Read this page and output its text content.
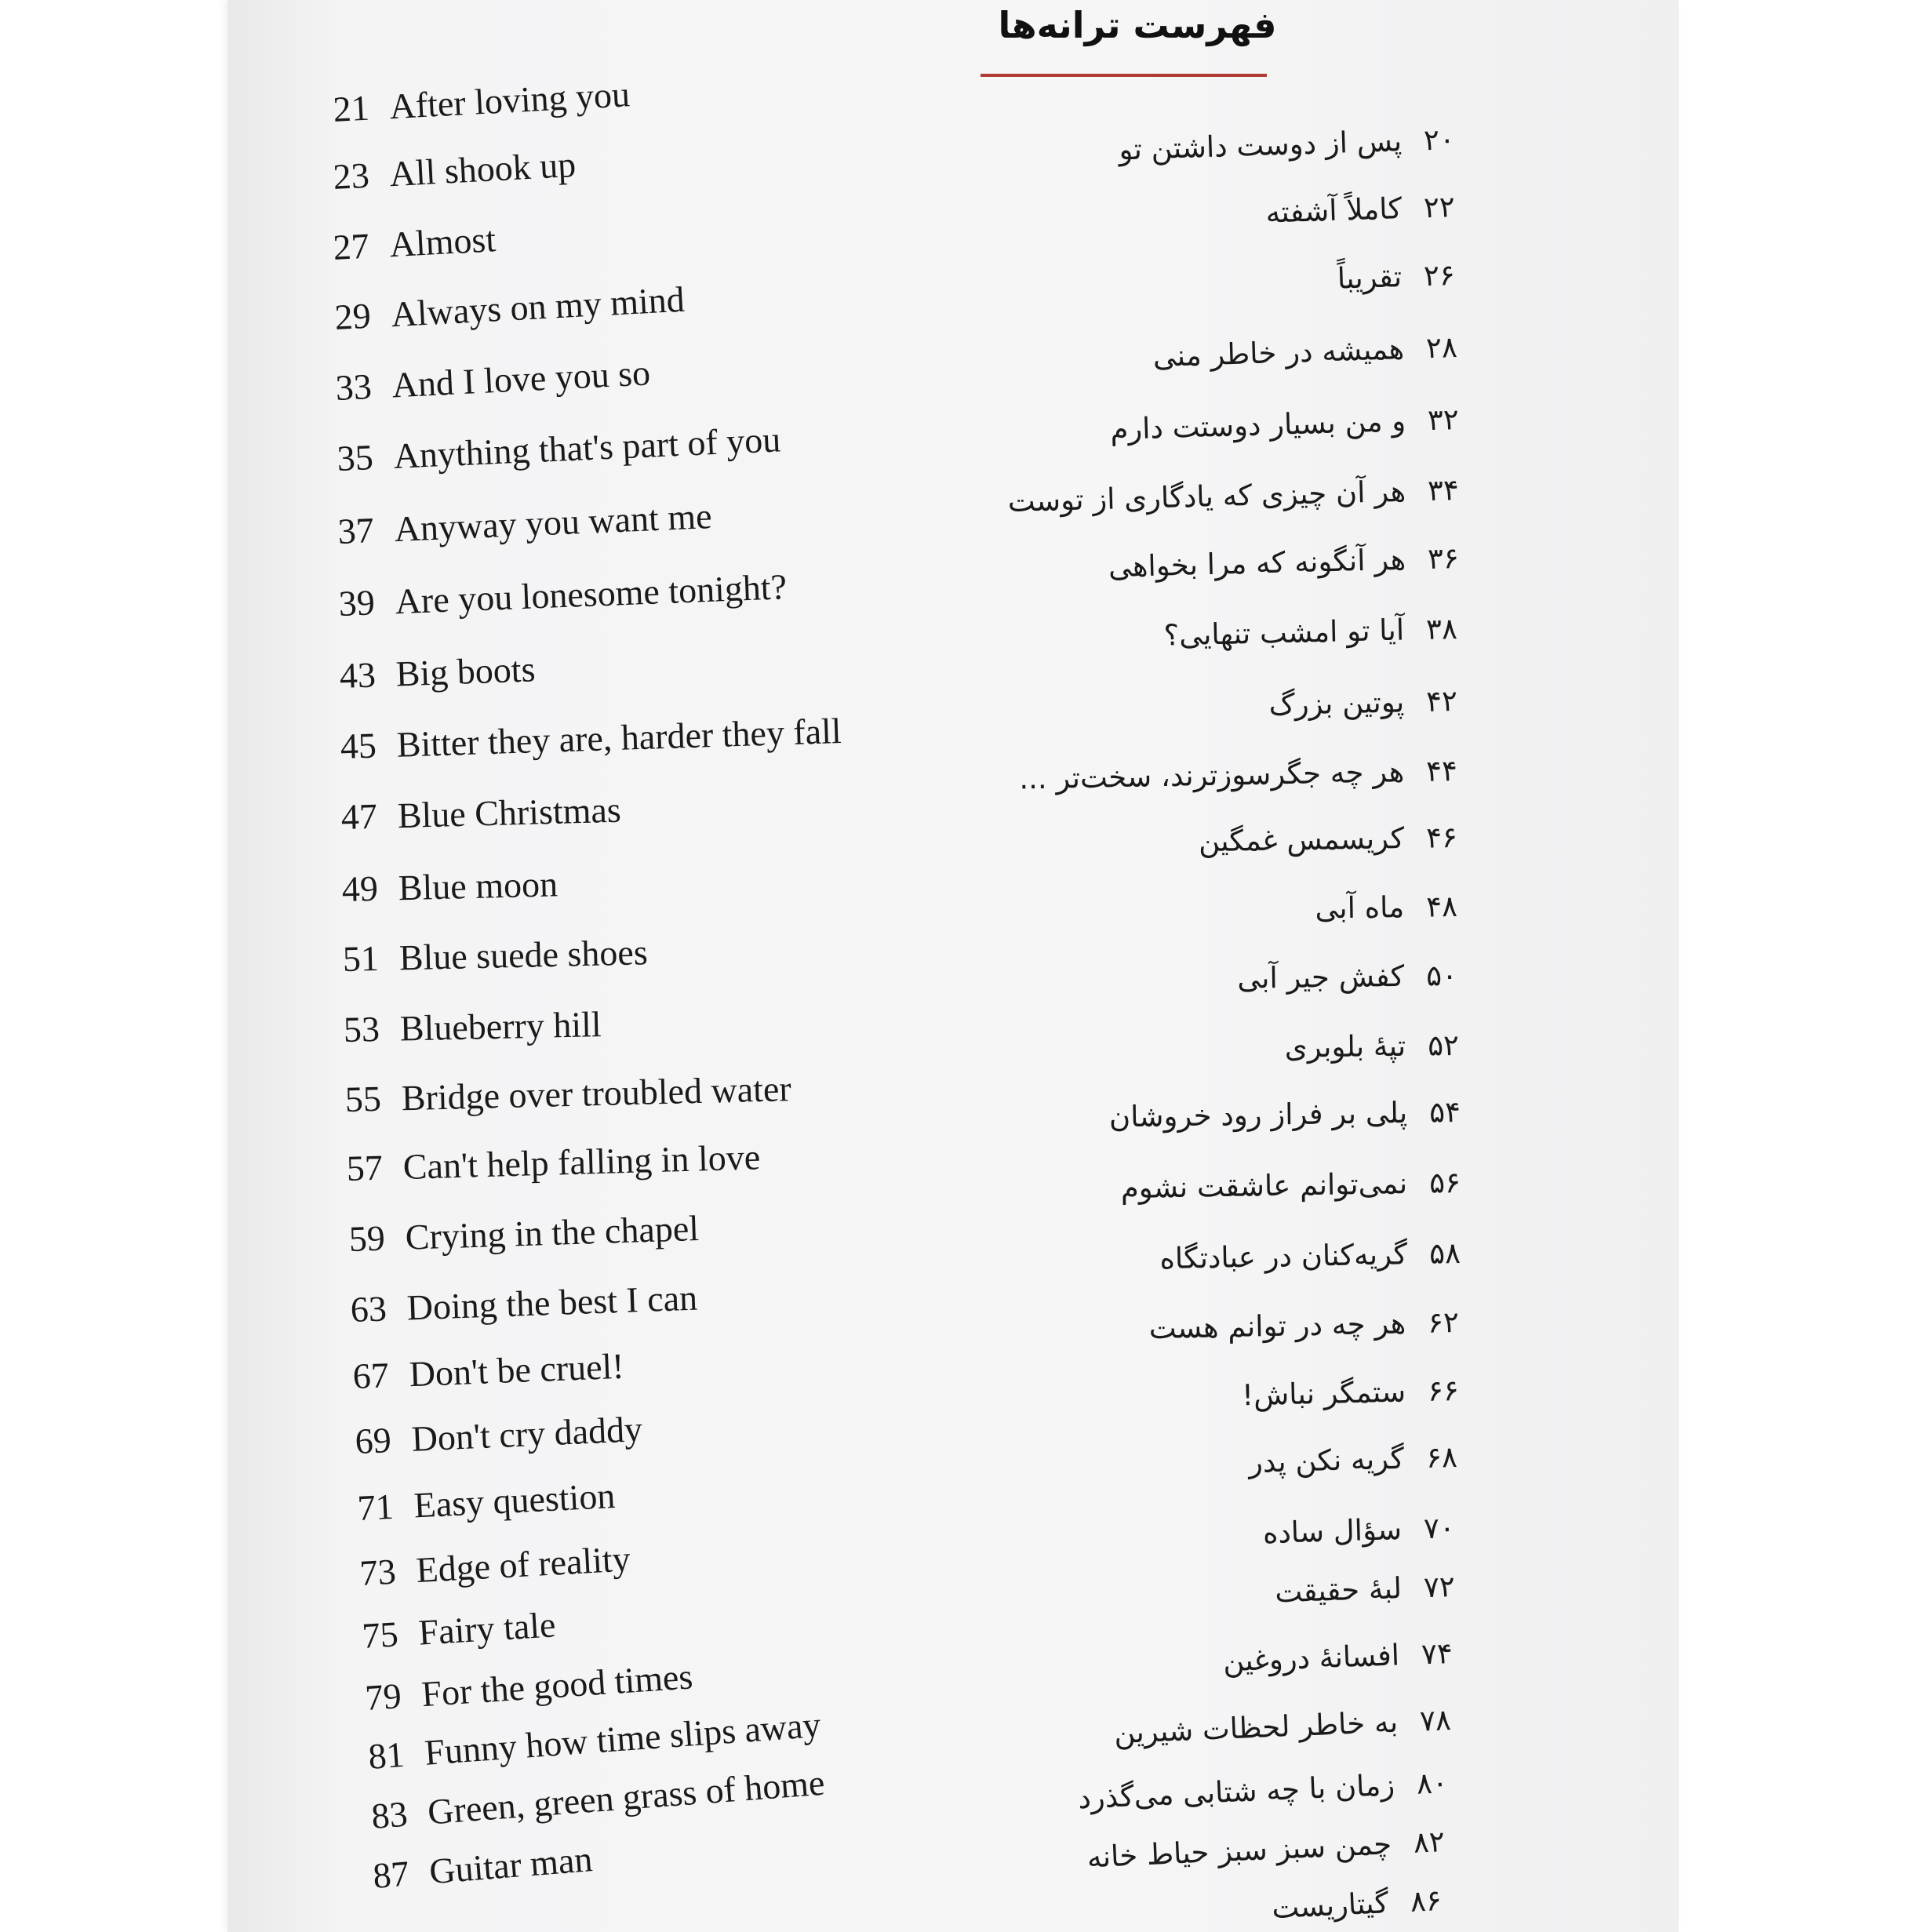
فهرست ترانه‌ها
21 After loving you
23 All shook up
27 Almost
29 Always on my mind
33 And I love you so
35 Anything that's part of you
37 Anyway you want me
39 Are you lonesome tonight?
43 Big boots
45 Bitter they are, harder they fall
47 Blue Christmas
49 Blue moon
51 Blue suede shoes
53 Blueberry hill
55 Bridge over troubled water
57 Can't help falling in love
59 Crying in the chapel
63 Doing the best I can
67 Don't be cruel!
69 Don't cry daddy
71 Easy question
73 Edge of reality
75 Fairy tale
79 For the good times
81 Funny how time slips away
83 Green, green grass of home
87 Guitar man
۲۰پس از دوست داشتن تو
۲۲کاملاً آشفته
۲۶تقریباً
۲۸همیشه در خاطر منی
۳۲و من بسیار دوستت دارم
۳۴هر آن چیزی که یادگاری از توست
۳۶هر آنگونه که مرا بخواهی
۳۸آیا تو امشب تنهایی؟
۴۲پوتین بزرگ
۴۴هر چه جگرسوزترند، سخت‌تر ...
۴۶کریسمس غمگین
۴۸ماه آبی
۵۰کفش جیر آبی
۵۲تپهٔ بلوبری
۵۴پلی بر فراز رود خروشان
۵۶نمی‌توانم عاشقت نشوم
۵۸گریه‌کنان در عبادتگاه
۶۲هر چه در توانم هست
۶۶ستمگر نباش!
۶۸گریه نکن پدر
۷۰سؤال ساده
۷۲لبهٔ حقیقت
۷۴افسانهٔ دروغین
۷۸به خاطر لحظات شیرین
۸۰زمان با چه شتابی می‌گذرد
۸۲چمن سبز سبز حیاط خانه
۸۶گیتاریست
